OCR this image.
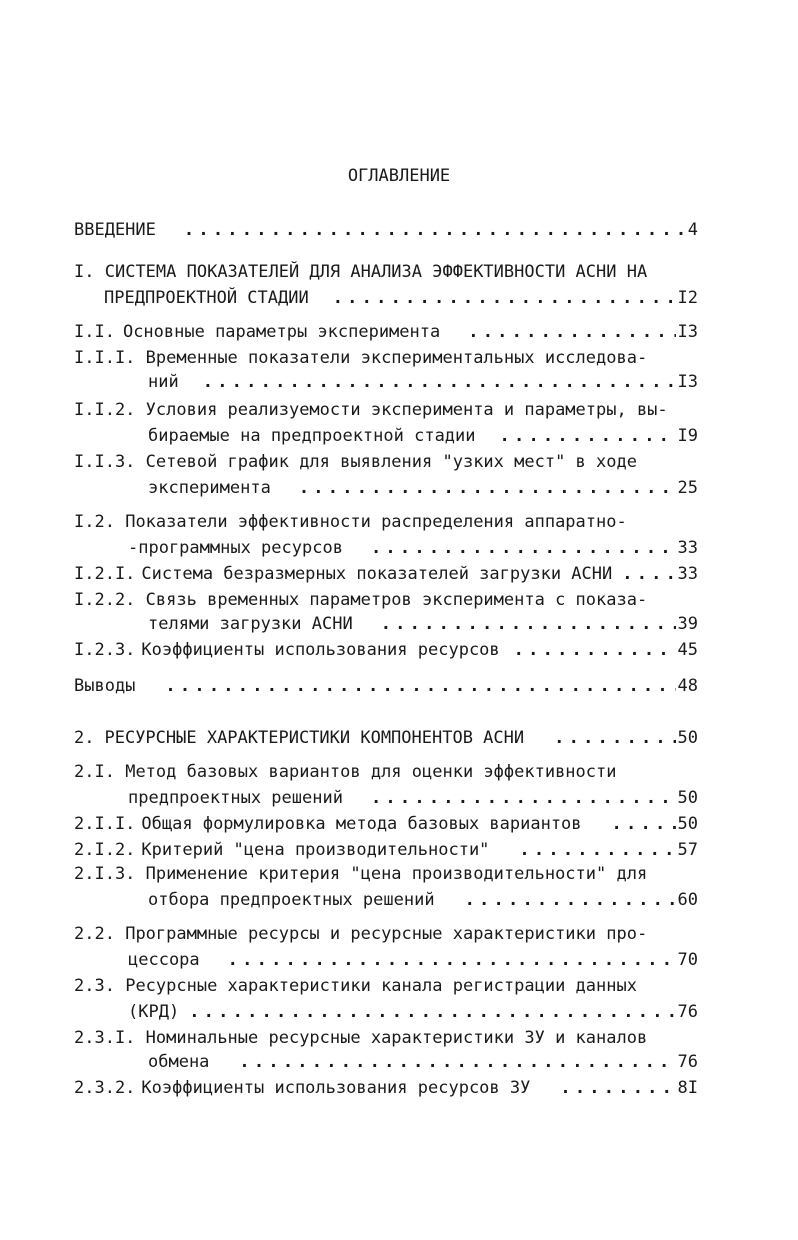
ОГЛАВЛЕНИЕ
ВВЕДЕНИЕ . . .	4
I. СИСТЕМА ПОКАЗАТЕЛЕЙ ДЛЯ АНАЛИЗА ЭФФЕКТИВНОСТИ АСНИ НА
ПРЕДПРОЕКТНОЙ СТАДИИ . . .	I2
I.I. Основные параметры эксперимента . . .	I3
I.I.I. Временные показатели экспериментальных исследова-
ний . . .	I3
I.I.2. Условия реализуемости эксперимента и параметры, вы-
бираемые на предпроектной стадии . . .	I9
I.I.3. Сетевой график для выявления "узких мест" в ходе
эксперимента . . .	25
I.2. Показатели эффективности распределения аппаратно-
-программных ресурсов . . .	33
I.2.I. Система безразмерных показателей загрузки АСНИ . . .	33
I.2.2. Связь временных параметров эксперимента с показа-
телями загрузки АСНИ . . .	39
I.2.3. Коэффициенты использования ресурсов . . .	45
Выводы . . .	48
2. РЕСУРСНЫЕ ХАРАКТЕРИСТИКИ КОМПОНЕНТОВ АСНИ . . .	50
2.I. Метод базовых вариантов для оценки эффективности
предпроектных решений . . .	50
2.I.I. Общая формулировка метода базовых вариантов . . .	50
2.I.2. Критерий "цена производительности" . . .	57
2.I.3. Применение критерия "цена производительности" для
отбора предпроектных решений . . .	60
2.2. Программные ресурсы и ресурсные характеристики про-
цессора . . .	70
2.3. Ресурсные характеристики канала регистрации данных
(КРД) . . .	76
2.3.I. Номинальные ресурсные характеристики ЗУ и каналов
обмена . . .	76
2.3.2. Коэффициенты использования ресурсов ЗУ . . .	8I
